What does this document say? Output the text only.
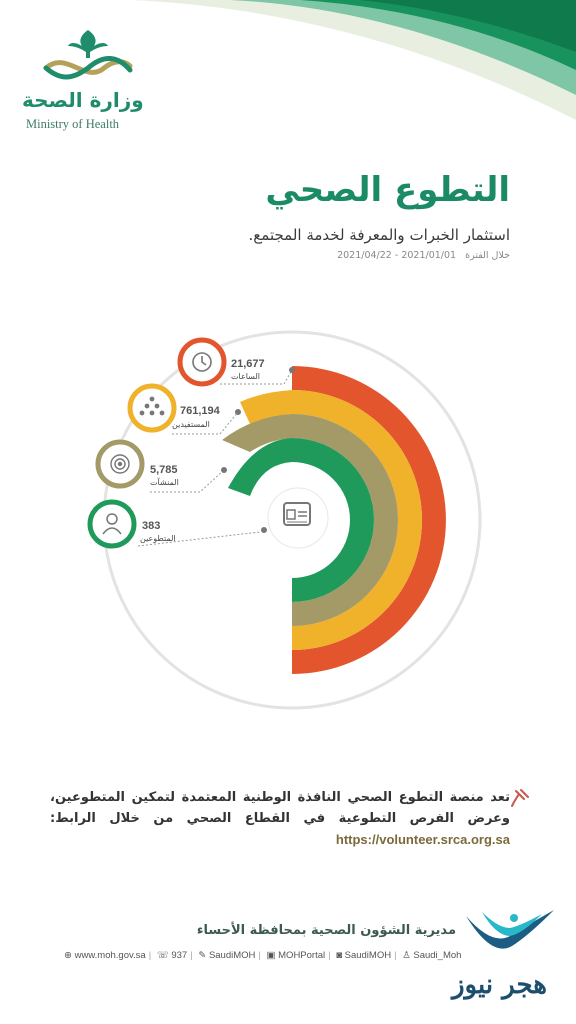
وزارة الصحة
Ministry of Health
التطوع الصحي
استثمار الخبرات والمعرفة لخدمة المجتمع.
خلال الفترة 2021/01/01 - 2021/04/22
21,677
الساعات
761,194
المستفيدين
5,785
المنشآت
383
المتطوعين
تعد منصة التطوع الصحي النافذة الوطنية المعتمدة لتمكين المتطوعين، وعرض الفرص التطوعية في القطاع الصحي من خلال الرابط: https://volunteer.srca.org.sa
مديرية الشؤون الصحية بمحافظة الأحساء
⊕ www.moh.gov.sa | ☏ 937 | ✎ SaudiMOH | ▣ MOHPortal | ◙ SaudiMOH | ♙ Saudi_Moh
هجر نيوز
